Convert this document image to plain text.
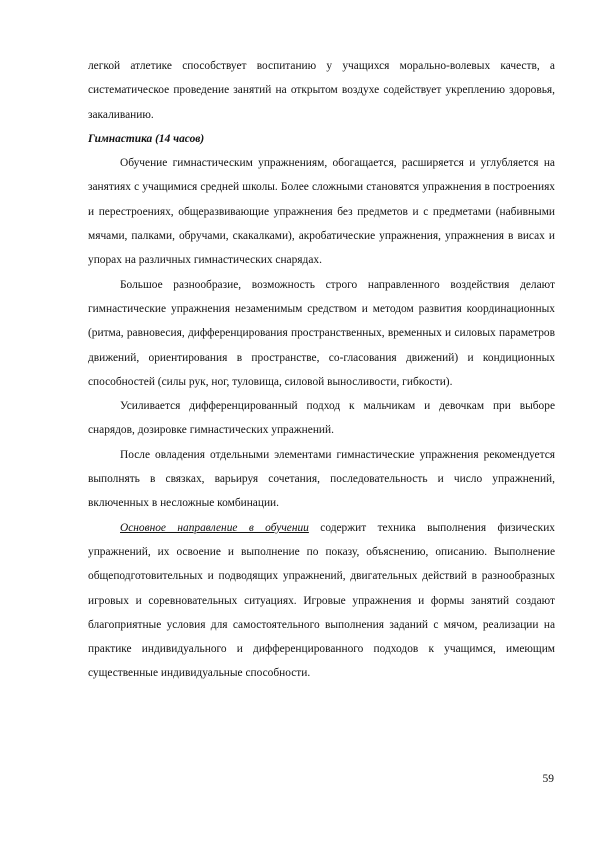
легкой атлетике способствует воспитанию у учащихся морально-волевых качеств, а систематическое проведение занятий на открытом воздухе содействует укреплению здоровья, закаливанию.

Гимнастика (14 часов)

Обучение гимнастическим упражнениям, обогащается, расширяется и углубляется на занятиях с учащимися средней школы. Более сложными становятся упражнения в построениях и перестроениях, общеразвивающие упражнения без предметов и с предметами (набивными мячами, палками, обручами, скакалками), акробатические упражнения, упражнения в висах и упорах на различных гимнастических снарядах.

Большое разнообразие, возможность строго направленного воздействия делают гимнастические упражнения незаменимым средством и методом развития координационных (ритма, равновесия, дифференцирования пространственных, временных и силовых параметров движений, ориентирования в пространстве, со-гласования движений) и кондиционных способностей (силы рук, ног, туловища, силовой выносливости, гибкости).

Усиливается дифференцированный подход к мальчикам и девочкам при выборе снарядов, дозировке гимнастических упражнений.

После овладения отдельными элементами гимнастические упражнения рекомендуется выполнять в связках, варьируя сочетания, последовательность и число упражнений, включенных в несложные комбинации.

Основное направление в обучении содержит техника выполнения физических упражнений, их освоение и выполнение по показу, объяснению, описанию. Выполнение общеподготовительных и подводящих упражнений, двигательных действий в разнообразных игровых и соревновательных ситуациях. Игровые упражнения и формы занятий создают благоприятные условия для самостоятельного выполнения заданий с мячом, реализации на практике индивидуального и дифференцированного подходов к учащимся, имеющим существенные индивидуальные способности.

59
